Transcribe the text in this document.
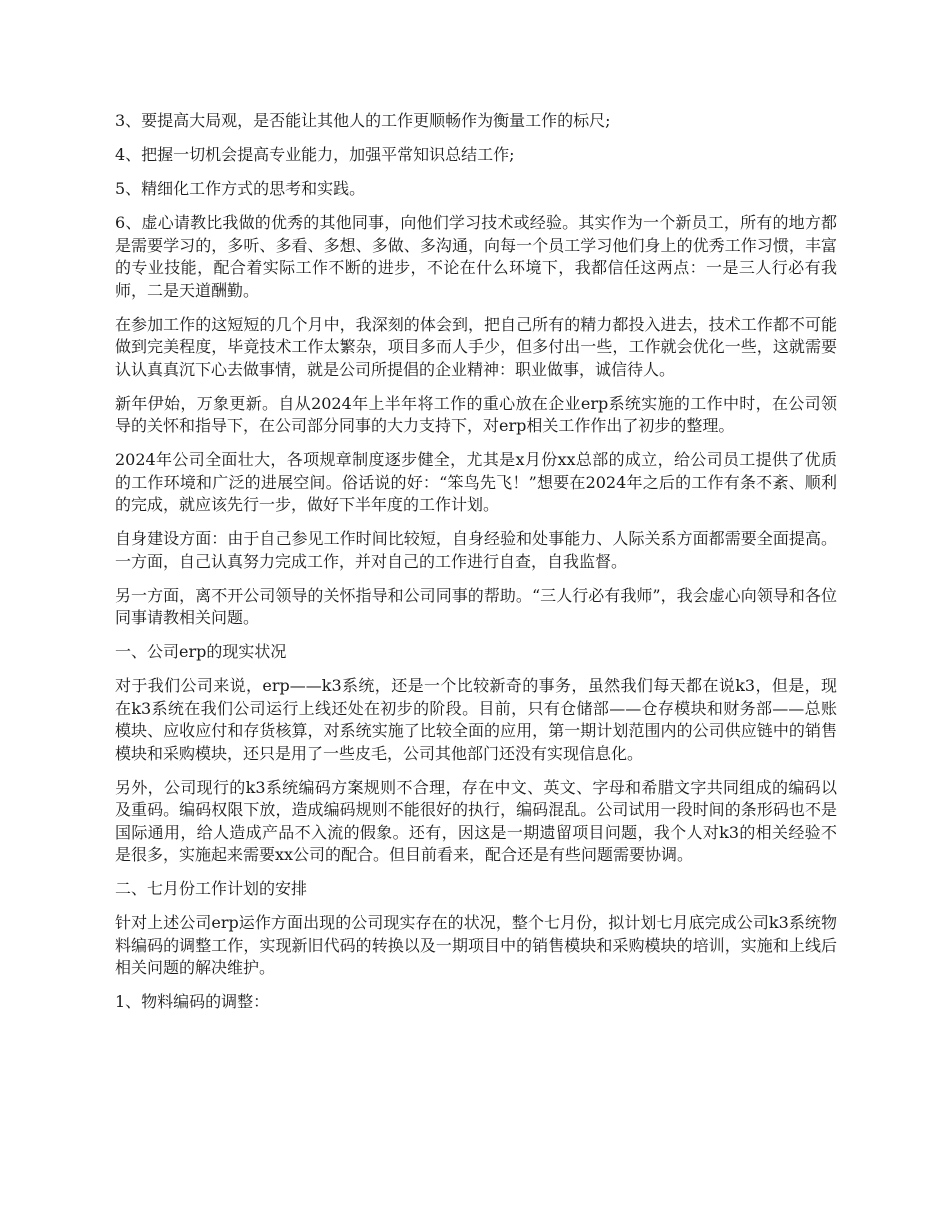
3、要提高大局观，是否能让其他人的工作更顺畅作为衡量工作的标尺;

4、把握一切机会提高专业能力，加强平常知识总结工作;

5、精细化工作方式的思考和实践。

6、虚心请教比我做的优秀的其他同事，向他们学习技术或经验。其实作为一个新员工，所有的地方都是需要学习的，多听、多看、多想、多做、多沟通，向每一个员工学习他们身上的优秀工作习惯，丰富的专业技能，配合着实际工作不断的进步，不论在什么环境下，我都信任这两点：一是三人行必有我师，二是天道酬勤。

在参加工作的这短短的几个月中，我深刻的体会到，把自己所有的精力都投入进去，技术工作都不可能做到完美程度，毕竟技术工作太繁杂，项目多而人手少，但多付出一些，工作就会优化一些，这就需要认认真真沉下心去做事情，就是公司所提倡的企业精神：职业做事，诚信待人。

新年伊始，万象更新。自从2024年上半年将工作的重心放在企业erp系统实施的工作中时，在公司领导的关怀和指导下，在公司部分同事的大力支持下，对erp相关工作作出了初步的整理。

2024年公司全面壮大，各项规章制度逐步健全，尤其是x月份xx总部的成立，给公司员工提供了优质的工作环境和广泛的进展空间。俗话说的好：“笨鸟先飞！”想要在2024年之后的工作有条不紊、顺利的完成，就应该先行一步，做好下半年度的工作计划。

自身建设方面：由于自己参见工作时间比较短，自身经验和处事能力、人际关系方面都需要全面提高。一方面，自己认真努力完成工作，并对自己的工作进行自查，自我监督。

另一方面，离不开公司领导的关怀指导和公司同事的帮助。“三人行必有我师”，我会虚心向领导和各位同事请教相关问题。

一、公司erp的现实状况

对于我们公司来说，erp——k3系统，还是一个比较新奇的事务，虽然我们每天都在说k3，但是，现在k3系统在我们公司运行上线还处在初步的阶段。目前，只有仓储部——仓存模块和财务部——总账模块、应收应付和存货核算，对系统实施了比较全面的应用，第一期计划范围内的公司供应链中的销售模块和采购模块，还只是用了一些皮毛，公司其他部门还没有实现信息化。

另外，公司现行的k3系统编码方案规则不合理，存在中文、英文、字母和希腊文字共同组成的编码以及重码。编码权限下放，造成编码规则不能很好的执行，编码混乱。公司试用一段时间的条形码也不是国际通用，给人造成产品不入流的假象。还有，因这是一期遗留项目问题，我个人对k3的相关经验不是很多，实施起来需要xx公司的配合。但目前看来，配合还是有些问题需要协调。

二、七月份工作计划的安排

针对上述公司erp运作方面出现的公司现实存在的状况，整个七月份，拟计划七月底完成公司k3系统物料编码的调整工作，实现新旧代码的转换以及一期项目中的销售模块和采购模块的培训，实施和上线后相关问题的解决维护。

1、物料编码的调整：
